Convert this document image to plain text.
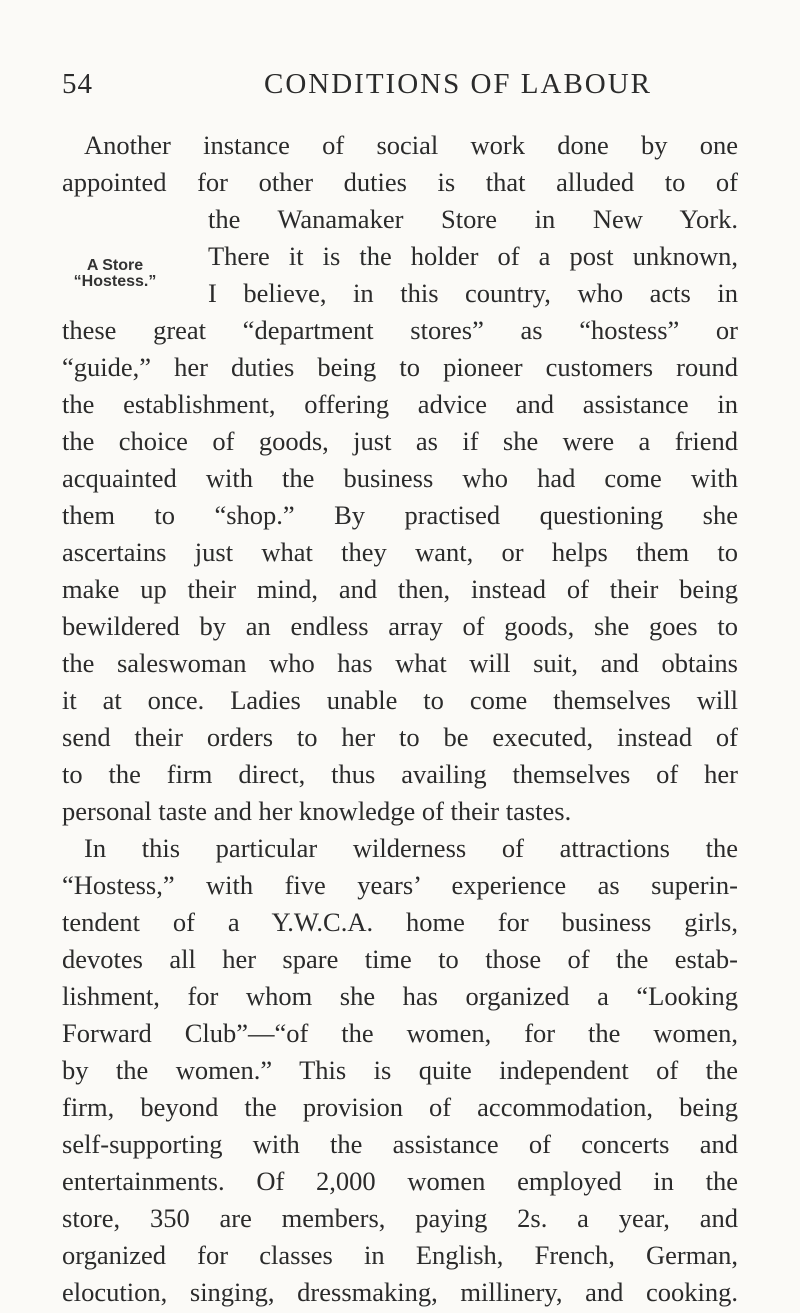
54	CONDITIONS OF LABOUR
A Store
“Hostess.”
Another instance of social work done by one
appointed for other duties is that alluded to of
the Wanamaker Store in New York.
There it is the holder of a post unknown,
I believe, in this country, who acts in
these great “department stores” as “hostess” or
“guide,” her duties being to pioneer customers round
the establishment, offering advice and assistance in
the choice of goods, just as if she were a friend
acquainted with the business who had come with
them to “shop.” By practised questioning she
ascertains just what they want, or helps them to
make up their mind, and then, instead of their being
bewildered by an endless array of goods, she goes to
the saleswoman who has what will suit, and obtains
it at once. Ladies unable to come themselves will
send their orders to her to be executed, instead of
to the firm direct, thus availing themselves of her
personal taste and her knowledge of their tastes.
In this particular wilderness of attractions the
“Hostess,” with five years’ experience as superin-
tendent of a Y.W.C.A. home for business girls,
devotes all her spare time to those of the estab-
lishment, for whom she has organized a “Looking
Forward Club”—“of the women, for the women,
by the women.” This is quite independent of the
firm, beyond the provision of accommodation, being
self-supporting with the assistance of concerts and
entertainments. Of 2,000 women employed in the
store, 350 are members, paying 2s. a year, and
organized for classes in English, French, German,
elocution, singing, dressmaking, millinery, and cooking.
